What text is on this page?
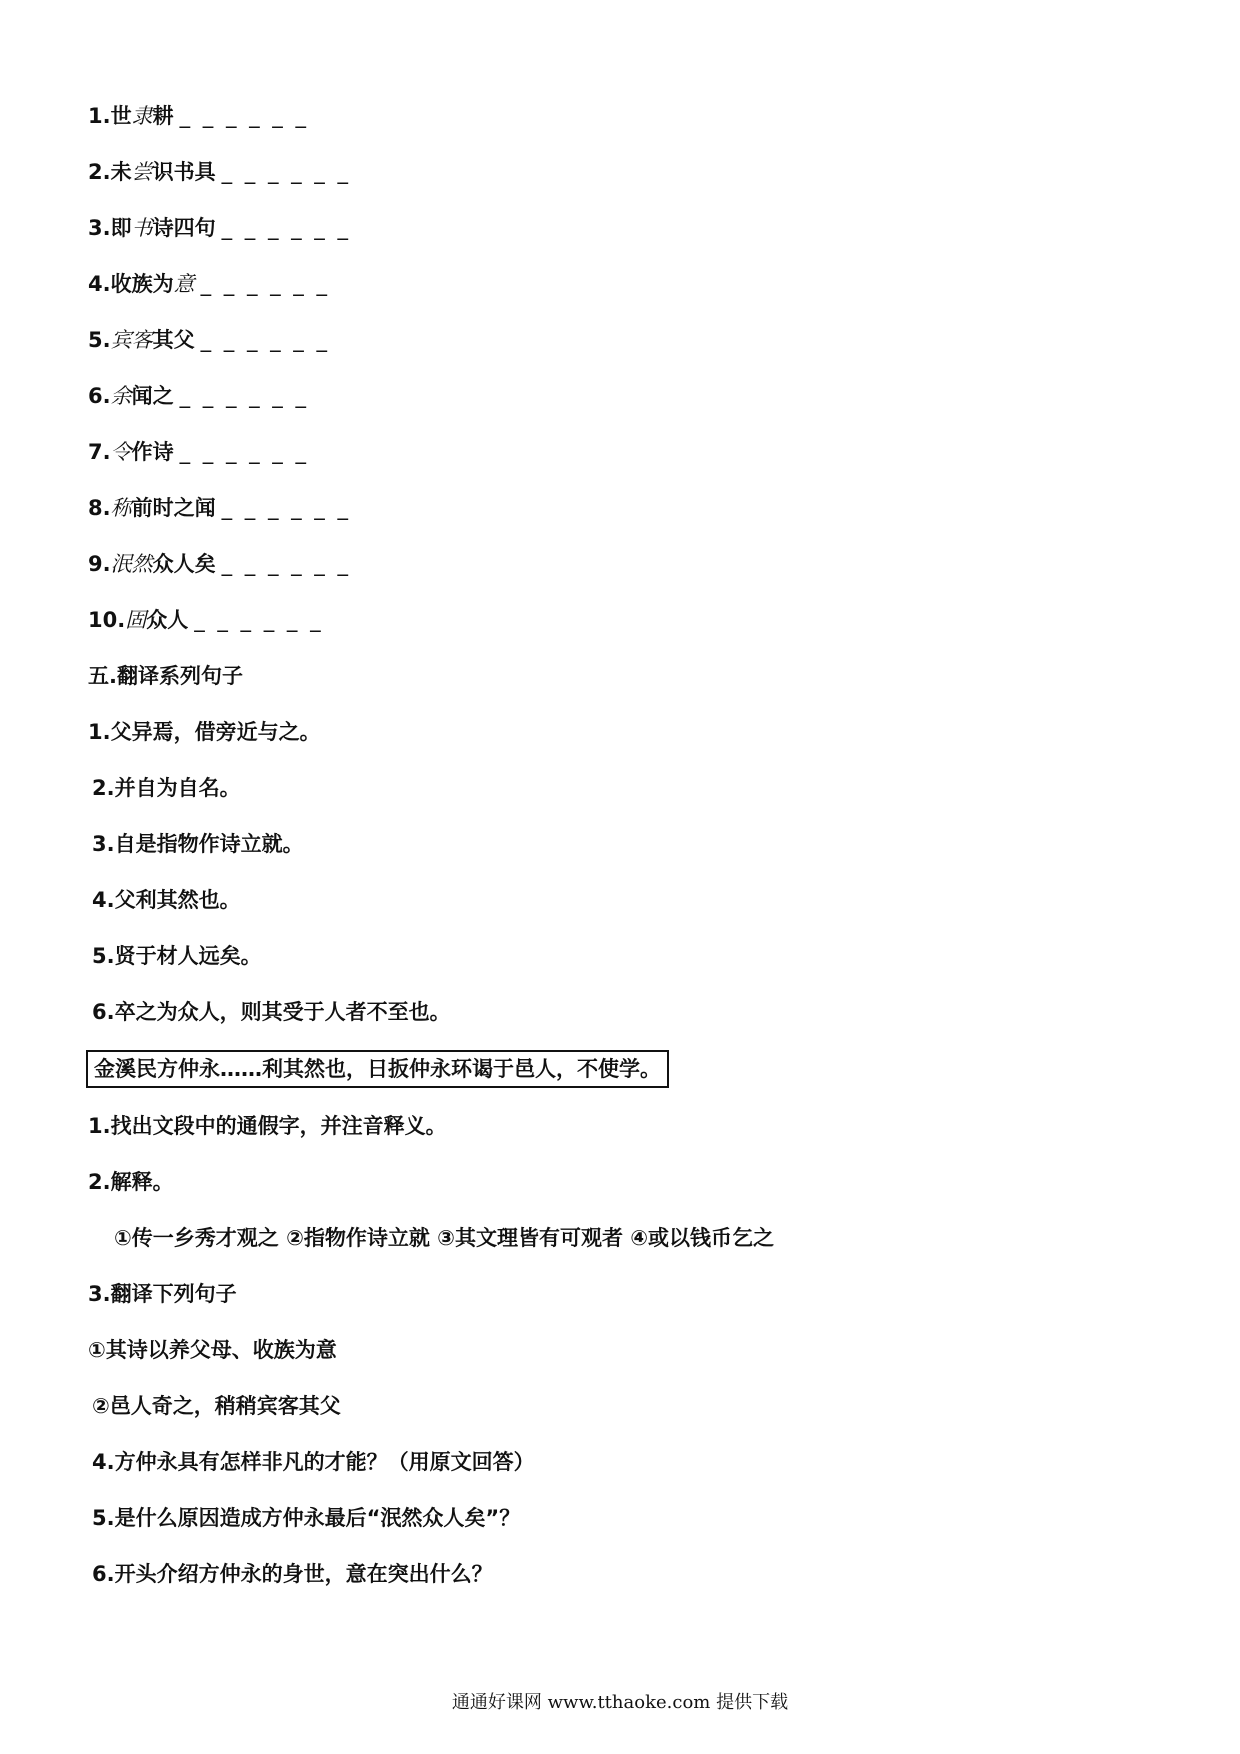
1.世隶耕 _ _ _ _ _ _
2.未尝识书具 _ _ _ _ _ _
3.即书诗四句 _ _ _ _ _ _
4.收族为意 _ _ _ _ _ _
5.宾客其父 _ _ _ _ _ _
6.余闻之 _ _ _ _ _ _
7.令作诗 _ _ _ _ _ _
8.称前时之闻 _ _ _ _ _ _
9.泯然众人矣 _ _ _ _ _ _
10.固众人 _ _ _ _ _ _
五.翻译系列句子
1.父异焉，借旁近与之。
2.并自为自名。
3.自是指物作诗立就。
4.父利其然也。
5.贤于材人远矣。
6.卒之为众人，则其受于人者不至也。
金溪民方仲永……利其然也，日扳仲永环谒于邑人，不使学。
1.找出文段中的通假字，并注音释义。
2.解释。
①传一乡秀才观之 ②指物作诗立就 ③其文理皆有可观者 ④或以钱币乞之
3.翻译下列句子
①其诗以养父母、收族为意
②邑人奇之，稍稍宾客其父
4.方仲永具有怎样非凡的才能？（用原文回答）
5.是什么原因造成方仲永最后“泯然众人矣”？
6.开头介绍方仲永的身世，意在突出什么？
通通好课网 www.tthaoke.com 提供下载
